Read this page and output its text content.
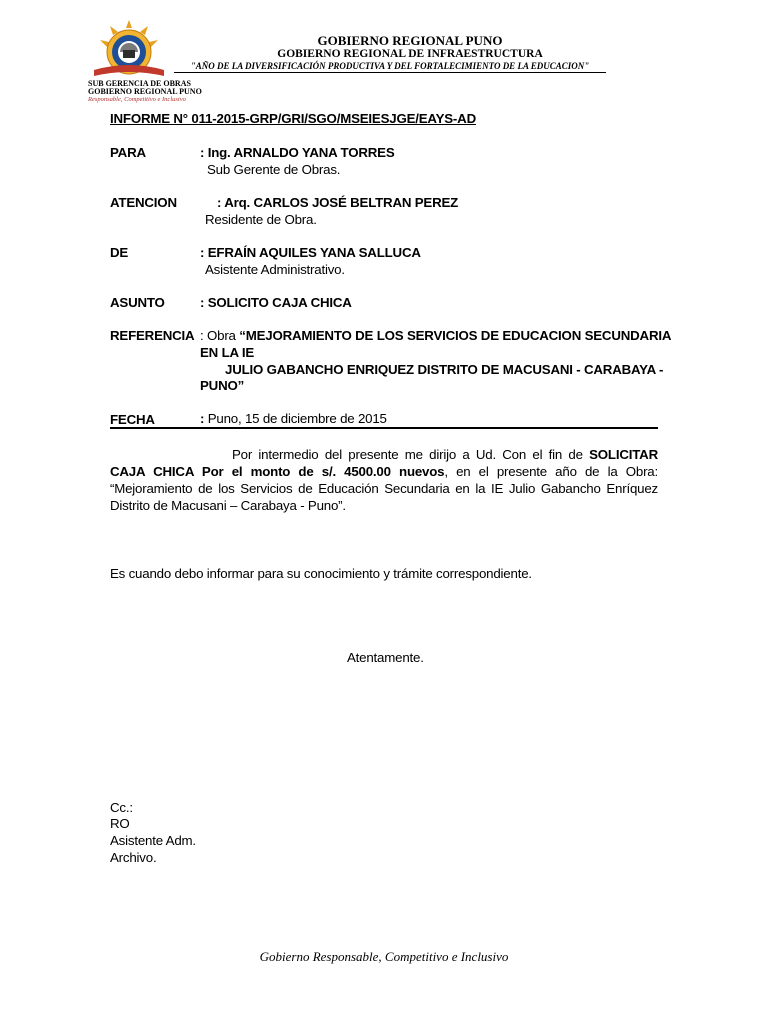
SUB GERENCIA DE OBRAS
GOBIERNO REGIONAL PUNO
Responsable, Competitivo e Inclusivo
GOBIERNO REGIONAL PUNO
GOBIERNO REGIONAL DE INFRAESTRUCTURA
"AÑO DE LA DIVERSIFICACIÓN PRODUCTIVA Y DEL FORTALECIMIENTO DE LA EDUCACION"
INFORME N° 011-2015-GRP/GRI/SGO/MSEIESJGE/EAYS-AD
PARA	: Ing. ARNALDO YANA TORRES
Sub Gerente de Obras.
ATENCION	: Arq. CARLOS JOSÉ BELTRAN PEREZ
Residente de Obra.
DE	: EFRAÍN AQUILES YANA SALLUCA
Asistente Administrativo.
ASUNTO	: SOLICITO CAJA CHICA
REFERENCIA : Obra “MEJORAMIENTO DE LOS SERVICIOS DE EDUCACION SECUNDARIA
EN LA IE
JULIO GABANCHO ENRIQUEZ DISTRITO DE MACUSANI - CARABAYA -
PUNO”
FECHA	: Puno, 15 de diciembre de 2015
Por intermedio del presente me dirijo a Ud. Con el fin de SOLICITAR CAJA CHICA Por el monto de s/. 4500.00 nuevos, en el presente año de la Obra: “Mejoramiento de los Servicios de Educación Secundaria en la IE Julio Gabancho Enríquez Distrito de Macusani – Carabaya - Puno”.
Es cuando debo informar para su conocimiento y trámite correspondiente.
Atentamente.
Cc.:
RO
Asistente Adm.
Archivo.
Gobierno Responsable, Competitivo e Inclusivo
